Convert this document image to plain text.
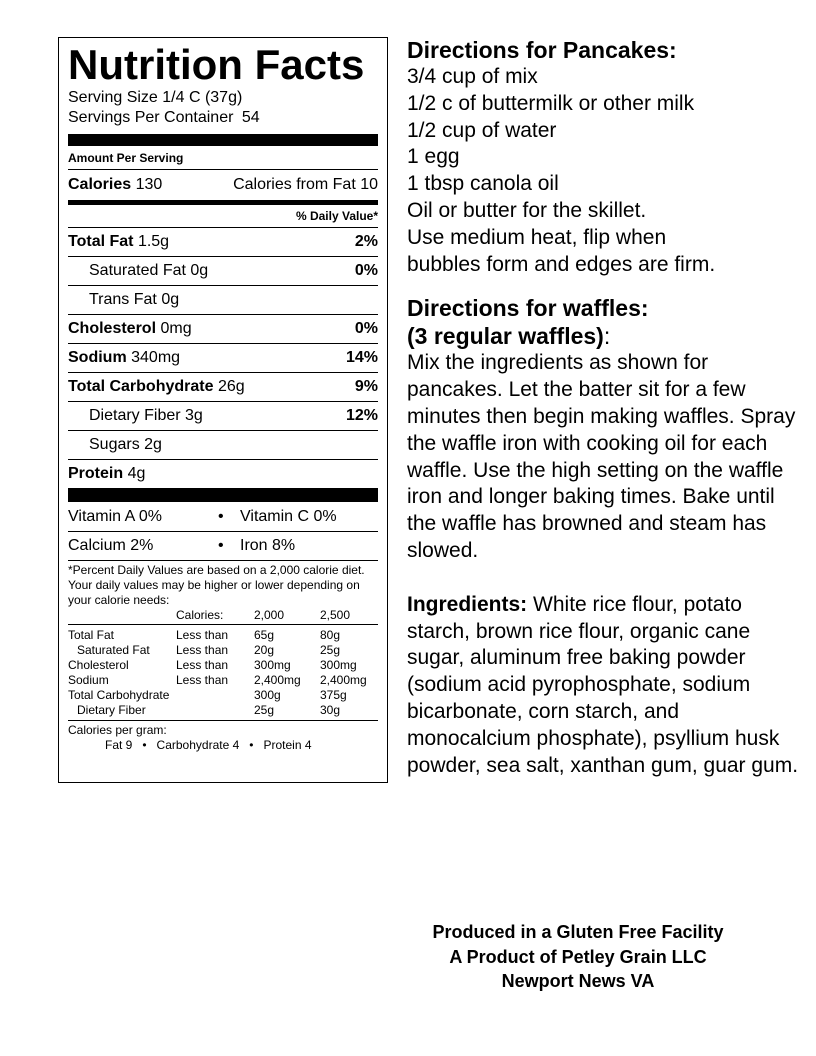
Nutrition Facts
Serving Size 1/4 C (37g)
Servings Per Container 54
Amount Per Serving
Calories 130	Calories from Fat 10
% Daily Value*
Total Fat 1.5g	2%
Saturated Fat 0g	0%
Trans Fat 0g
Cholesterol 0mg	0%
Sodium 340mg	14%
Total Carbohydrate 26g	9%
Dietary Fiber 3g	12%
Sugars 2g
Protein 4g
Vitamin A 0%	•	Vitamin C 0%
Calcium 2%	•	Iron 8%
*Percent Daily Values are based on a 2,000 calorie diet. Your daily values may be higher or lower depending on your calorie needs:
	Calories:	2,000	2,500
Total Fat	Less than	65g	80g
Saturated Fat	Less than	20g	25g
Cholesterol	Less than	300mg	300mg
Sodium	Less than	2,400mg	2,400mg
Total Carbohydrate		300g	375g
Dietary Fiber		25g	30g
Calories per gram:
Fat 9   •   Carbohydrate 4   •   Protein 4
Directions for Pancakes:

3/4 cup of mix

1/2 c of buttermilk or other milk

1/2 cup of water

1 egg

1 tbsp canola oil

Oil or butter for the skillet.

Use medium heat, flip when

bubbles form and edges are firm.

Directions for waffles:
(3 regular waffles):

Mix the ingredients as shown for pancakes. Let the batter sit for a few minutes then begin making waffles. Spray the waffle iron with cooking oil for each waffle. Use the high setting on the waffle iron and longer baking times. Bake until the waffle has browned and steam has slowed.

Ingredients: White rice flour, potato starch, brown rice flour, organic cane sugar, aluminum free baking powder (sodium acid pyrophosphate, sodium bicarbonate, corn starch, and monocalcium phosphate), psyllium husk powder, sea salt, xanthan gum, guar gum.

Produced in a Gluten Free Facility
A Product of Petley Grain LLC
Newport News VA
